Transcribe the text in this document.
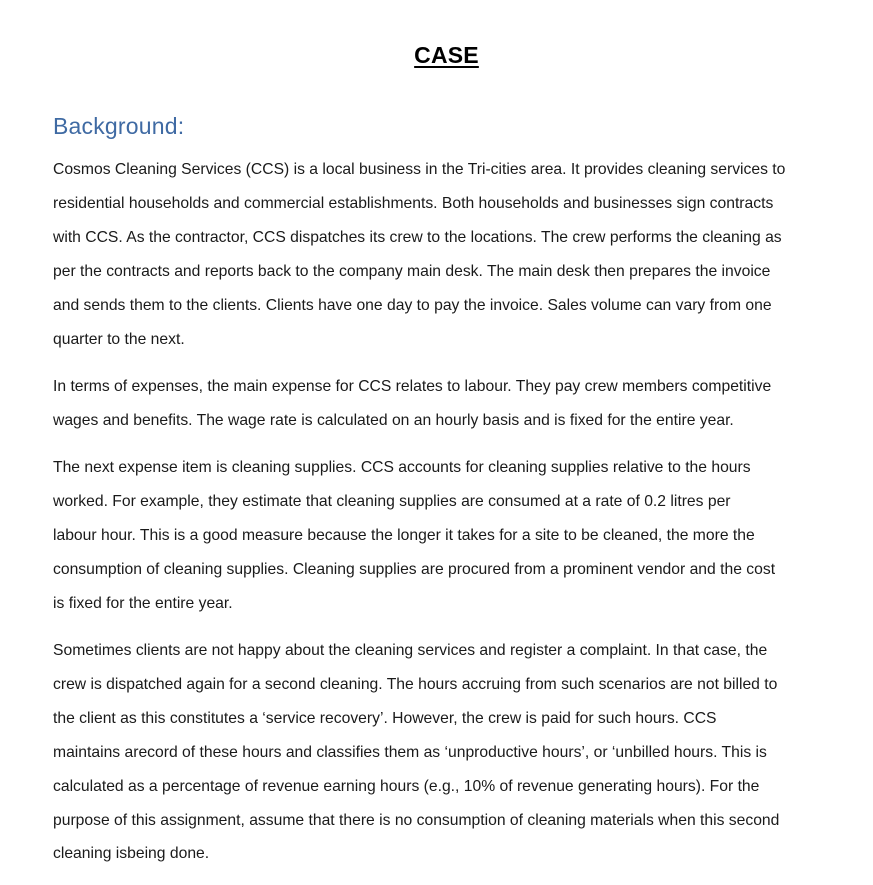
CASE
Background:

Cosmos Cleaning Services (CCS) is a local business in the Tri-cities area. It provides cleaning services to
residential households and commercial establishments. Both households and businesses sign contracts
with CCS. As the contractor, CCS dispatches its crew to the locations. The crew performs the cleaning as
per the contracts and reports back to the company main desk. The main desk then prepares the invoice
and sends them to the clients. Clients have one day to pay the invoice. Sales volume can vary from one
quarter to the next.

In terms of expenses, the main expense for CCS relates to labour. They pay crew members competitive
wages and benefits. The wage rate is calculated on an hourly basis and is fixed for the entire year.

The next expense item is cleaning supplies. CCS accounts for cleaning supplies relative to the hours
worked. For example, they estimate that cleaning supplies are consumed at a rate of 0.2 litres per
labour hour. This is a good measure because the longer it takes for a site to be cleaned, the more the
consumption of cleaning supplies. Cleaning supplies are procured from a prominent vendor and the cost
is fixed for the entire year.

Sometimes clients are not happy about the cleaning services and register a complaint. In that case, the
crew is dispatched again for a second cleaning. The hours accruing from such scenarios are not billed to
the client as this constitutes a ‘service recovery’. However, the crew is paid for such hours. CCS
maintains arecord of these hours and classifies them as ‘unproductive hours’, or ‘unbilled hours. This is
calculated as a percentage of revenue earning hours (e.g., 10% of revenue generating hours). For the
purpose of this assignment, assume that there is no consumption of cleaning materials when this second
cleaning isbeing done.
